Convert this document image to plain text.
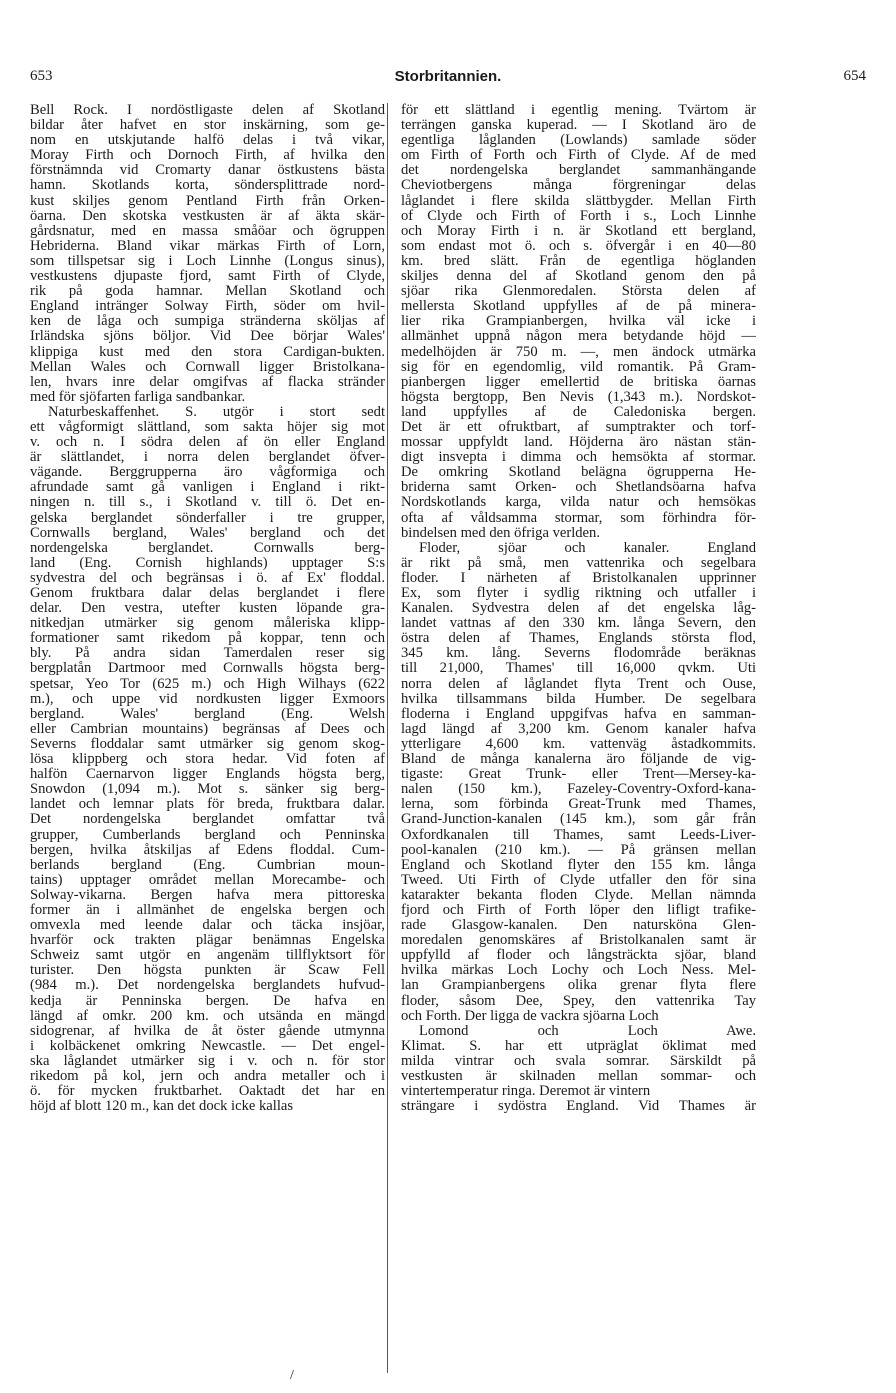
653	Storbritannien.	654
Bell Rock. I nordöstligaste delen af Skotland
bildar åter hafvet en stor inskärning, som ge-
nom en utskjutande halfö delas i två vikar,
Moray Firth och Dornoch Firth, af hvilka den
förstnämnda vid Cromarty danar östkustens bästa
hamn. Skotlands korta, söndersplittrade nord-
kust skiljes genom Pentland Firth från Orken-
öarna. Den skotska vestkusten är af äkta skär-
gårdsnatur, med en massa småöar och ögruppen
Hebriderna. Bland vikar märkas Firth of Lorn,
som tillspetsar sig i Loch Linnhe (Longus sinus),
vestkustens djupaste fjord, samt Firth of Clyde,
rik på goda hamnar. Mellan Skotland och
England intränger Solway Firth, söder om hvil-
ken de låga och sumpiga stränderna sköljas af
Irländska sjöns böljor. Vid Dee börjar Wales'
klippiga kust med den stora Cardigan-bukten.
Mellan Wales och Cornwall ligger Bristolkana-
len, hvars inre delar omgifvas af flacka stränder
med för sjöfarten farliga sandbankar.
Naturbeskaffenhet. S. utgör i stort sedt
ett vågformigt slättland, som sakta höjer sig mot
v. och n. I södra delen af ön eller England
är slättlandet, i norra delen berglandet öfver-
vägande. Berggrupperna äro vågformiga och
afrundade samt gå vanligen i England i rikt-
ningen n. till s., i Skotland v. till ö. Det en-
gelska berglandet sönderfaller i tre grupper,
Cornwalls bergland, Wales' bergland och det
nordengelska berglandet. Cornwalls berg-
land (Eng. Cornish highlands) upptager S:s
sydvestra del och begränsas i ö. af Ex' floddal.
Genom fruktbara dalar delas berglandet i flere
delar. Den vestra, utefter kusten löpande gra-
nitkedjan utmärker sig genom måleriska klipp-
formationer samt rikedom på koppar, tenn och
bly. På andra sidan Tamerdalen reser sig
bergplatån Dartmoor med Cornwalls högsta berg-
spetsar, Yeo Tor (625 m.) och High Wilhays (622
m.), och uppe vid nordkusten ligger Exmoors
bergland. Wales' bergland (Eng. Welsh
eller Cambrian mountains) begränsas af Dees och
Severns floddalar samt utmärker sig genom skog-
lösa klippberg och stora hedar. Vid foten af
halfön Caernarvon ligger Englands högsta berg,
Snowdon (1,094 m.). Mot s. sänker sig berg-
landet och lemnar plats för breda, fruktbara dalar.
Det nordengelska berglandet omfattar två
grupper, Cumberlands bergland och Penninska
bergen, hvilka åtskiljas af Edens floddal. Cum-
berlands bergland (Eng. Cumbrian moun-
tains) upptager området mellan Morecambe- och
Solway-vikarna. Bergen hafva mera pittoreska
former än i allmänhet de engelska bergen och
omvexla med leende dalar och täcka insjöar,
hvarför ock trakten plägar benämnas Engelska
Schweiz samt utgör en angenäm tillflyktsort för
turister. Den högsta punkten är Scaw Fell
(984 m.). Det nordengelska berglandets hufvud-
kedja är Penninska bergen. De hafva en
längd af omkr. 200 km. och utsända en mängd
sidogrenar, af hvilka de åt öster gående utmynna
i kolbäckenet omkring Newcastle. — Det engel-
ska låglandet utmärker sig i v. och n. för stor
rikedom på kol, jern och andra metaller och i
ö. för mycken fruktbarhet. Oaktadt det har en
höjd af blott 120 m., kan det dock icke kallas
för ett slättland i egentlig mening. Tvärtom är
terrängen ganska kuperad. — I Skotland äro de
egentliga låglanden (Lowlands) samlade söder
om Firth of Forth och Firth of Clyde. Af de med
det nordengelska berglandet sammanhängande
Cheviotbergens många förgreningar delas
låglandet i flere skilda slättbygder. Mellan Firth
of Clyde och Firth of Forth i s., Loch Linnhe
och Moray Firth i n. är Skotland ett bergland,
som endast mot ö. och s. öfvergår i en 40—80
km. bred slätt. Från de egentliga höglanden
skiljes denna del af Skotland genom den på
sjöar rika Glenmoredalen. Största delen af
mellersta Skotland uppfylles af de på minera-
lier rika Grampianbergen, hvilka väl icke i
allmänhet uppnå någon mera betydande höjd —
medelhöjden är 750 m. —, men ändock utmärka
sig för en egendomlig, vild romantik. På Gram-
pianbergen ligger emellertid de britiska öarnas
högsta bergtopp, Ben Nevis (1,343 m.). Nordskot-
land uppfylles af de Caledoniska bergen.
Det är ett ofruktbart, af sumptrakter och torf-
mossar uppfyldt land. Höjderna äro nästan stän-
digt insvepta i dimma och hemsökta af stormar.
De omkring Skotland belägna ögrupperna He-
briderna samt Orken- och Shetlandsöarna hafva
Nordskotlands karga, vilda natur och hemsökas
ofta af våldsamma stormar, som förhindra för-
bindelsen med den öfriga verlden.
Floder, sjöar och kanaler. England
är rikt på små, men vattenrika och segelbara
floder. I närheten af Bristolkanalen upprinner
Ex, som flyter i sydlig riktning och utfaller i
Kanalen. Sydvestra delen af det engelska låg-
landet vattnas af den 330 km. långa Severn, den
östra delen af Thames, Englands största flod,
345 km. lång. Severns flodområde beräknas
till 21,000, Thames' till 16,000 qvkm. Uti
norra delen af låglandet flyta Trent och Ouse,
hvilka tillsammans bilda Humber. De segelbara
floderna i England uppgifvas hafva en samman-
lagd längd af 3,200 km. Genom kanaler hafva
ytterligare 4,600 km. vattenväg åstadkommits.
Bland de många kanalerna äro följande de vig-
tigaste: Great Trunk- eller Trent—Mersey-ka-
nalen (150 km.), Fazeley-Coventry-Oxford-kana-
lerna, som förbinda Great-Trunk med Thames,
Grand-Junction-kanalen (145 km.), som går från
Oxfordkanalen till Thames, samt Leeds-Liver-
pool-kanalen (210 km.). — På gränsen mellan
England och Skotland flyter den 155 km. långa
Tweed. Uti Firth of Clyde utfaller den för sina
katarakter bekanta floden Clyde. Mellan nämnda
fjord och Firth of Forth löper den lifligt trafike-
rade Glasgow-kanalen. Den natursköna Glen-
moredalen genomskäres af Bristolkanalen samt är
uppfylld af floder och långsträckta sjöar, bland
hvilka märkas Loch Lochy och Loch Ness. Mel-
lan Grampianbergens olika grenar flyta flere
floder, såsom Dee, Spey, den vattenrika Tay
och Forth. Der ligga de vackra sjöarna Loch
Lomond och Loch Awe.
Klimat. S. har ett utpräglat öklimat med
milda vintrar och svala somrar. Särskildt på
vestkusten är skilnaden mellan sommar- och
vintertemperatur ringa. Deremot är vintern
strängare i sydöstra England. Vid Thames är
/
